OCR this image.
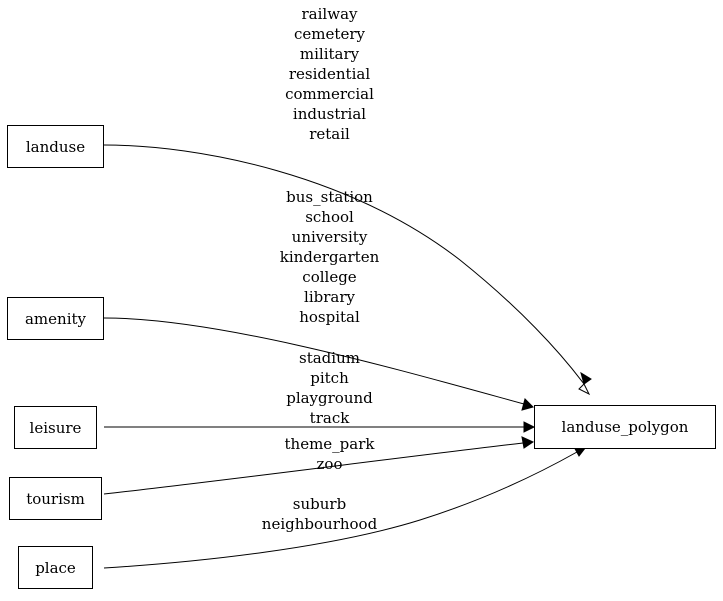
landuse
amenity
leisure
tourism
place
landuse_polygon
railway
cemetery
military
residential
commercial
industrial
retail
bus_station
school
university
kindergarten
college
library
hospital
stadium
pitch
playground
track
theme_park
zoo
suburb
neighbourhood
